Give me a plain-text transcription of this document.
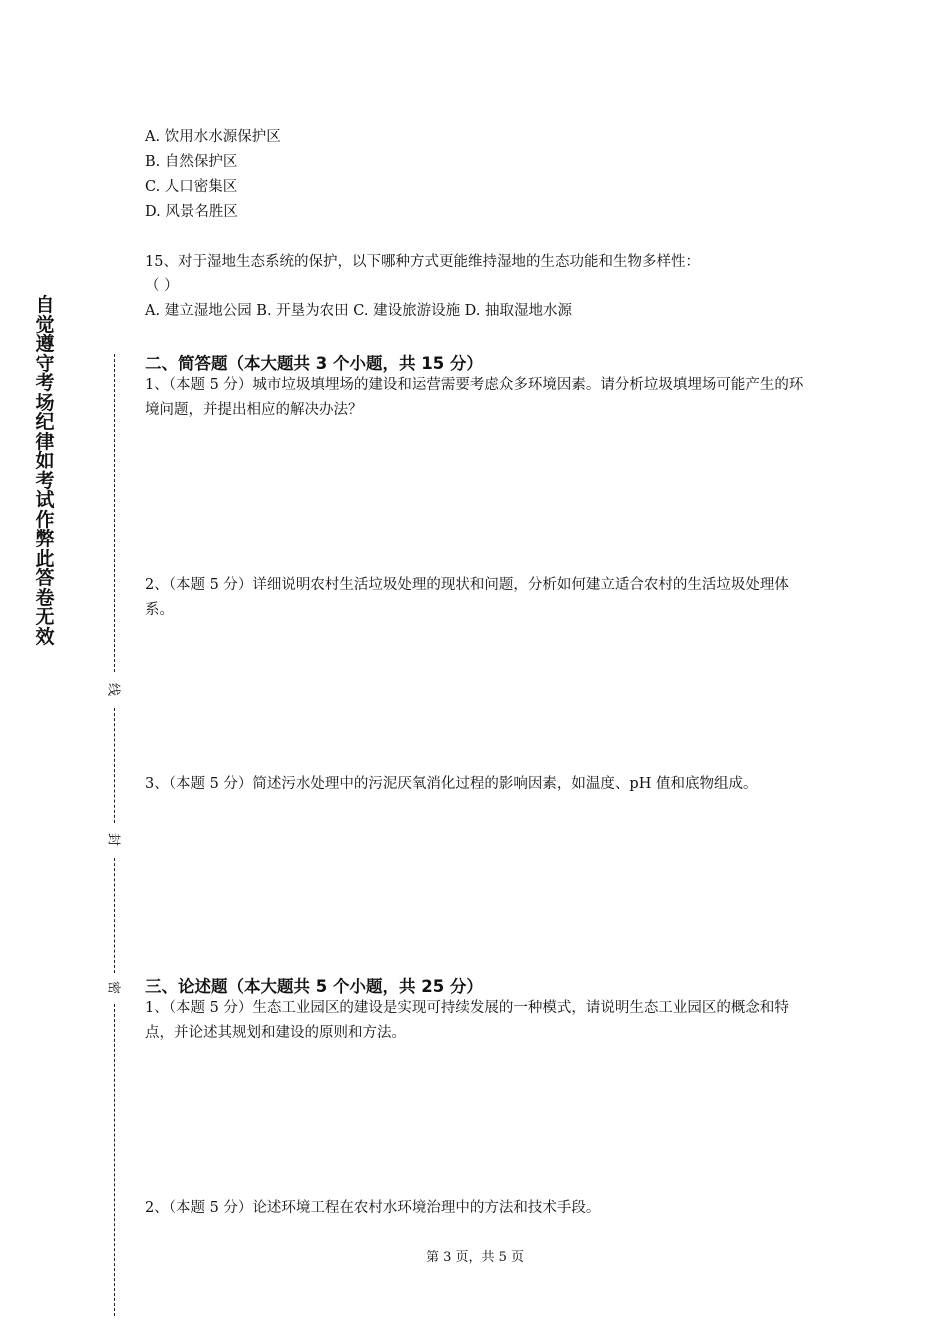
自觉遵守考场纪律如考试作弊此答卷无效
线
封
密
A. 饮用水水源保护区
B. 自然保护区
C. 人口密集区
D. 风景名胜区
15、对于湿地生态系统的保护，以下哪种方式更能维持湿地的生态功能和生物多样性：
（ ）
A. 建立湿地公园 B. 开垦为农田 C. 建设旅游设施 D. 抽取湿地水源
二、简答题（本大题共 3 个小题，共 15 分）
1、（本题 5 分）城市垃圾填埋场的建设和运营需要考虑众多环境因素。请分析垃圾填埋场可能产生的环境问题，并提出相应的解决办法？
2、（本题 5 分）详细说明农村生活垃圾处理的现状和问题，分析如何建立适合农村的生活垃圾处理体系。
3、（本题 5 分）简述污水处理中的污泥厌氧消化过程的影响因素，如温度、pH 值和底物组成。
三、论述题（本大题共 5 个小题，共 25 分）
1、（本题 5 分）生态工业园区的建设是实现可持续发展的一种模式，请说明生态工业园区的概念和特点，并论述其规划和建设的原则和方法。
2、（本题 5 分）论述环境工程在农村水环境治理中的方法和技术手段。
第 3 页，共 5 页
